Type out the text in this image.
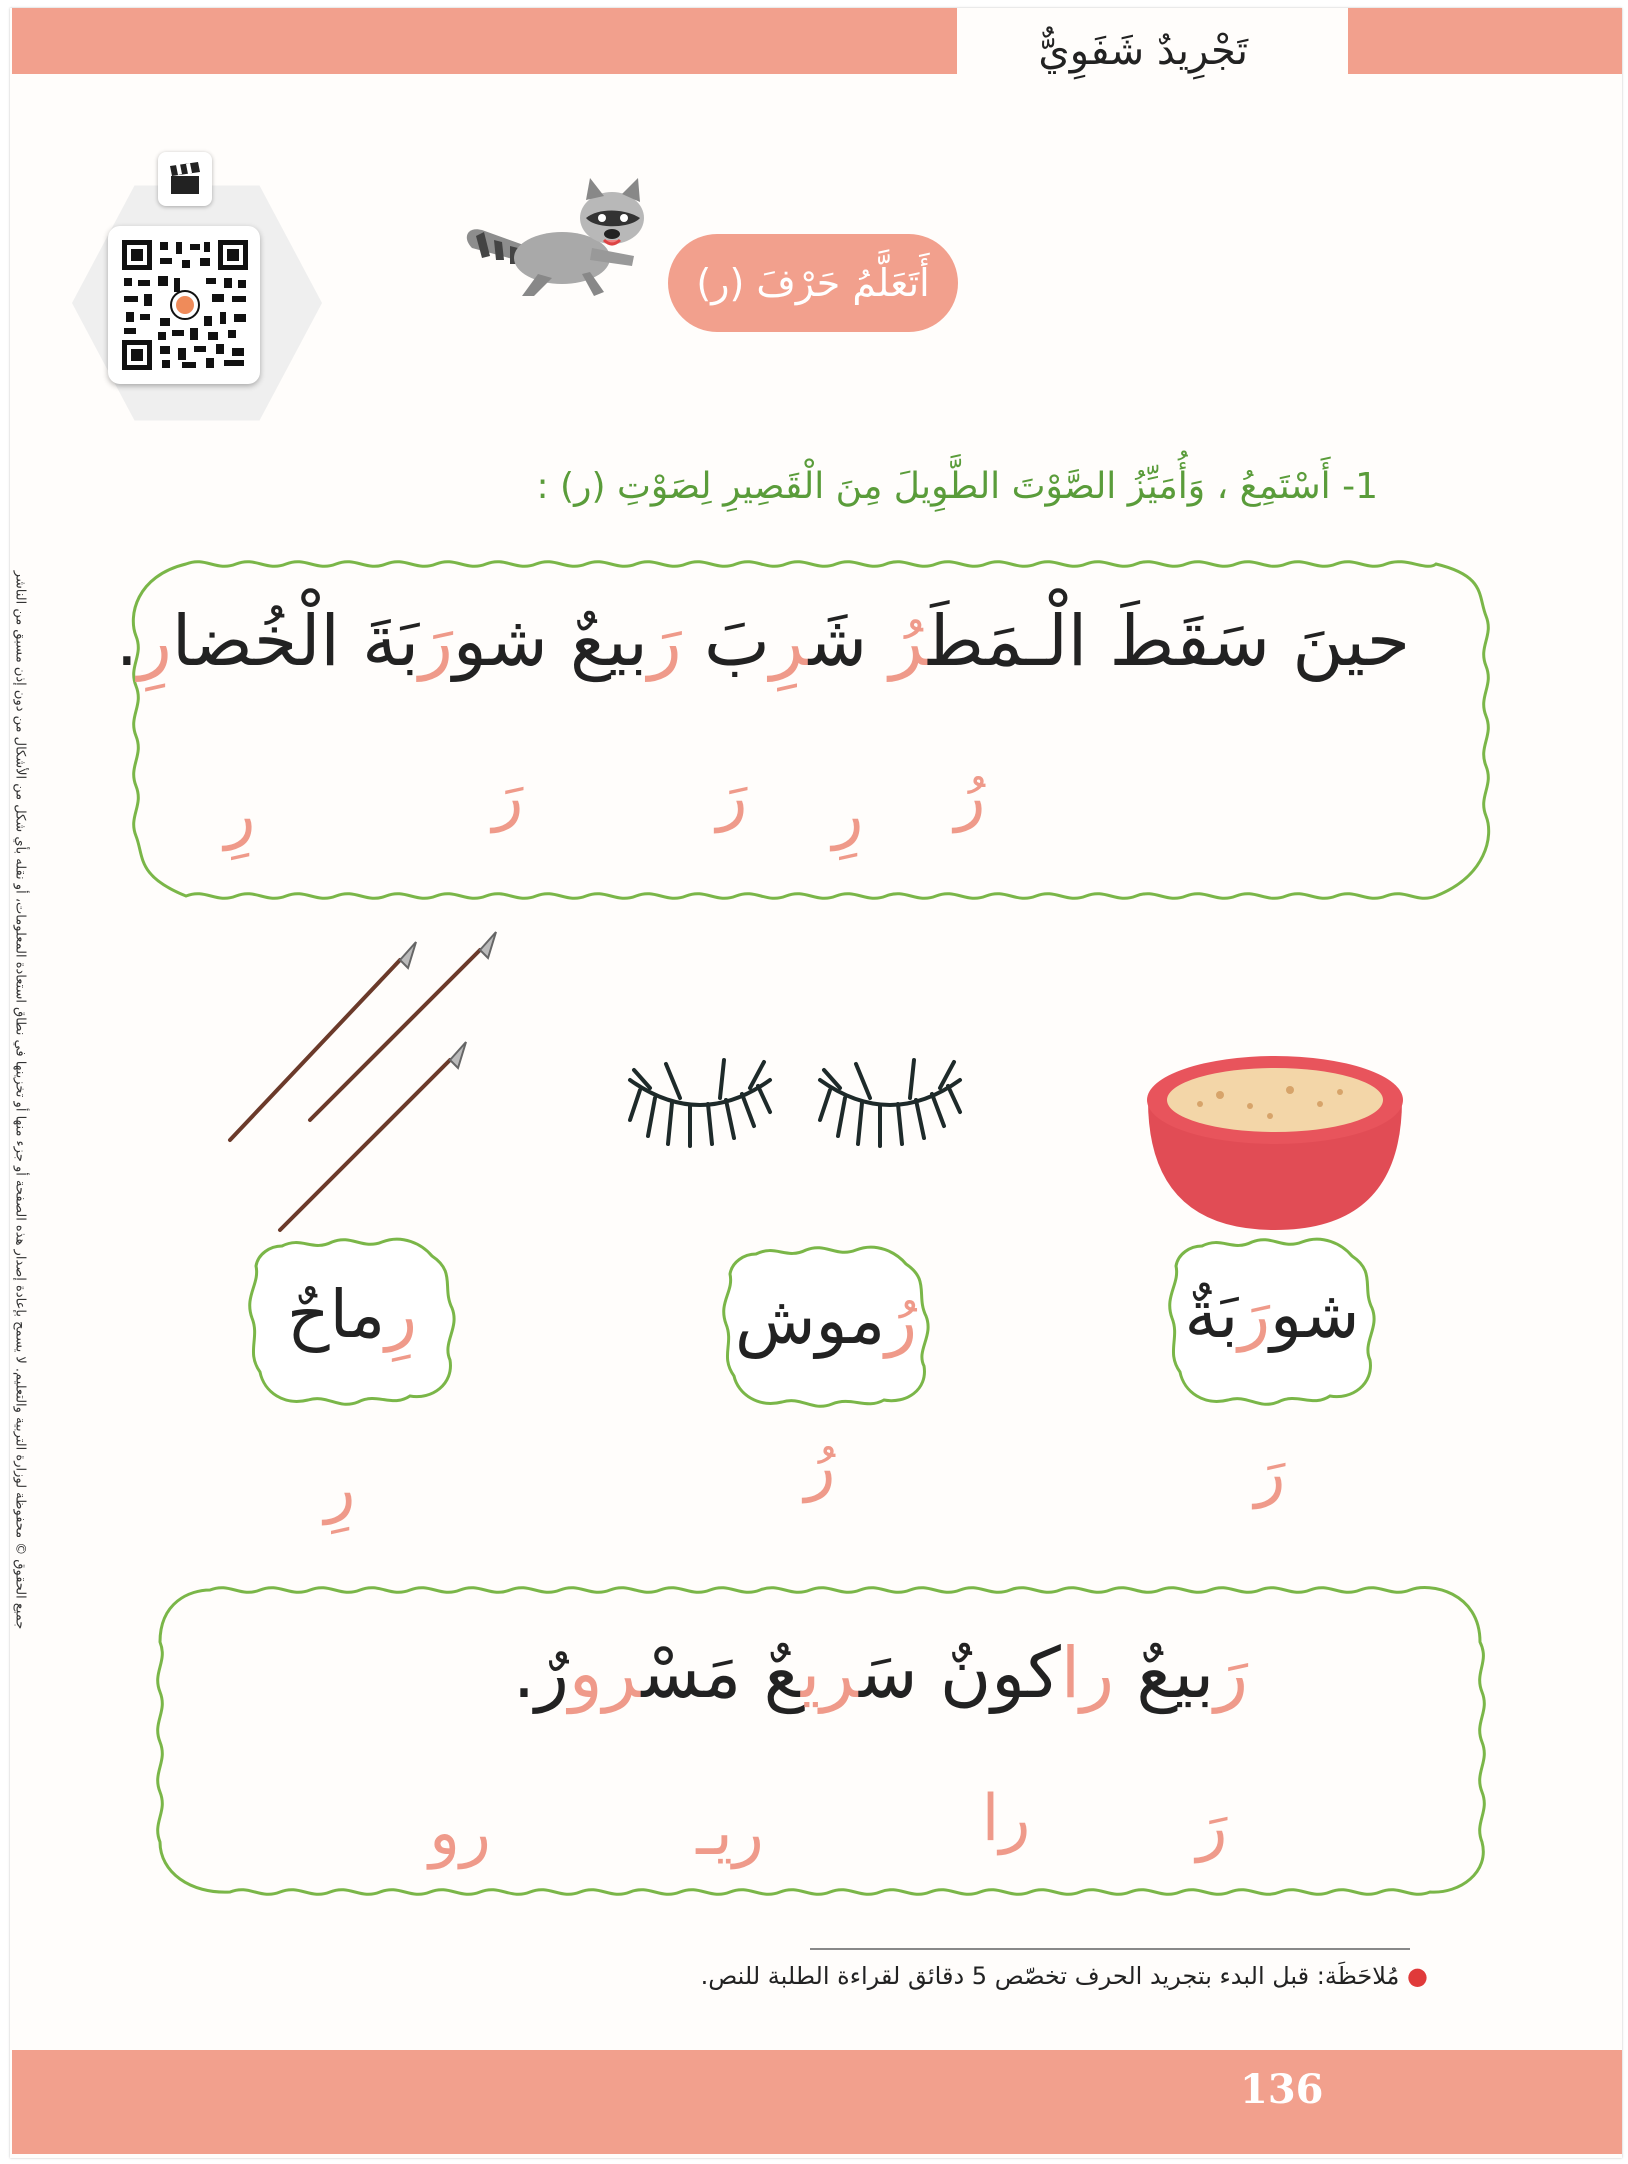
تَجْرِيدٌ شَفَوِيٌّ
أَتَعَلَّمُ حَرْفَ (ر)
جميع الحقوق © محفوظة لوزارة التربية والتعليم. لا يسمح بإعادة إصدار هذه الصفحة أو جزء منها أو تخزينها في نطاق استعادة المعلومات، أو نقله بأي شكل من الأشكال من دون إذن مسبق من الناشر
1- أَسْتَمِعُ ، وَأُمَيِّزُ الصَّوْتَ الطَّوِيلَ مِنَ الْقَصِيرِ لِصَوْتِ (ر) :
حينَ سَقَطَ الْـمَطَرُ شَرِبَ رَبيعٌ شورَبَةَ الْخُضارِ.
رُ
رِ
رَ
رَ
رِ
رِماحٌ	رُموش	شورَبَةٌ
رَ
رُ
رِ
رَبيعٌ راكونٌ سَريعٌ مَسْرورٌ.
رَ
را
ريـ
رو
● مُلاحَظَة: قبل البدء بتجريد الحرف تخصّص 5 دقائق لقراءة الطلبة للنص.
136
